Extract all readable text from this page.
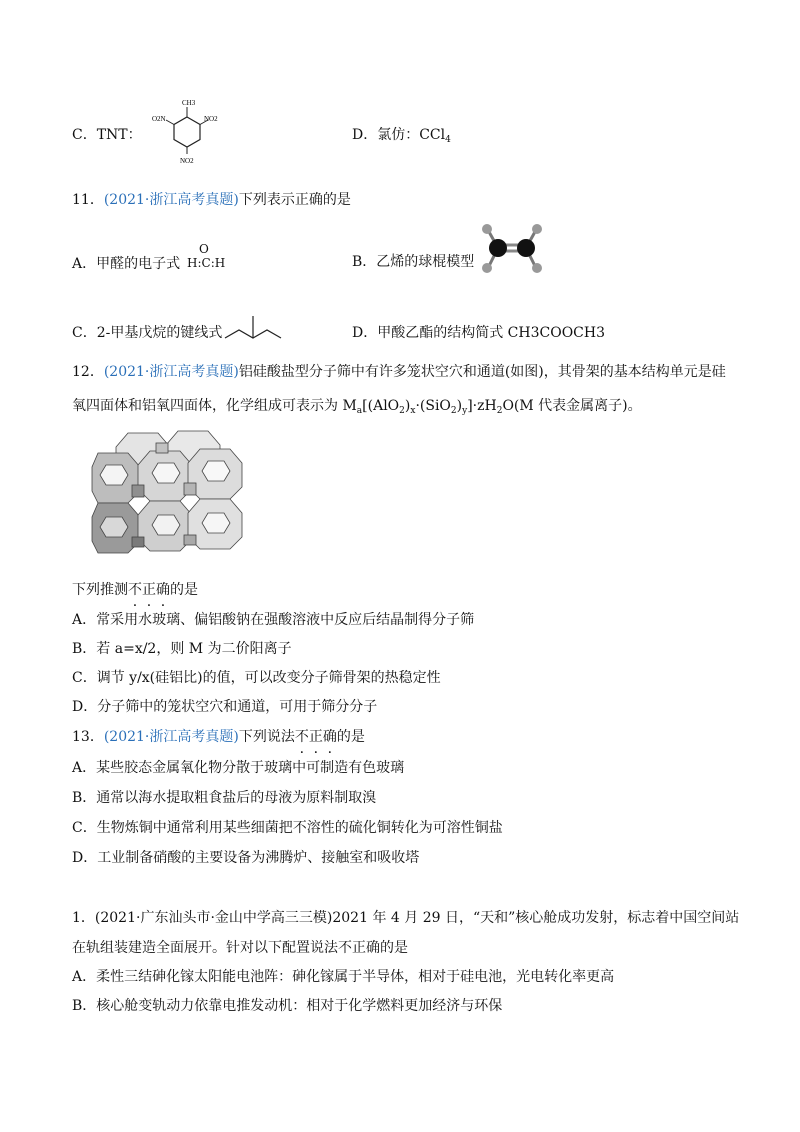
C．TNT：
CH3
O2N	NO2
NO2
D．氯仿：CCl$_4$
11．(2021·浙江高考真题)下列表示正确的是
A．甲醛的电子式
O
H:C:H	B．乙烯的球棍模型
C．2-甲基戊烷的键线式	D．甲酸乙酯的结构简式 CH3COOCH3
12．(2021·浙江高考真题)铝硅酸盐型分子筛中有许多笼状空穴和通道(如图)，其骨架的基本结构单元是硅
氧四面体和铝氧四面体，化学组成可表示为 $M_a[(AlO_2)_x\cdot(SiO_2)_y]\cdot zH_2O(M$ 代表金属离子)。
下列推测不正确的是
A．常采用水玻璃、偏铝酸钠在强酸溶液中反应后结晶制得分子筛
B．若 a=x/2，则 M 为二价阳离子
C．调节 y/x(硅铝比)的值，可以改变分子筛骨架的热稳定性
D．分子筛中的笼状空穴和通道，可用于筛分分子
13．(2021·浙江高考真题)下列说法不正确的是
A．某些胶态金属氧化物分散于玻璃中可制造有色玻璃
B．通常以海水提取粗食盐后的母液为原料制取溴
C．生物炼铜中通常利用某些细菌把不溶性的硫化铜转化为可溶性铜盐
D．工业制备硝酸的主要设备为沸腾炉、接触室和吸收塔
1．(2021·广东汕头市·金山中学高三三模)2021 年 4 月 29 日，“天和”核心舱成功发射，标志着中国空间站
在轨组装建造全面展开。针对以下配置说法不正确的是
A．柔性三结砷化镓太阳能电池阵：砷化镓属于半导体，相对于硅电池，光电转化率更高
B．核心舱变轨动力依靠电推发动机：相对于化学燃料更加经济与环保
